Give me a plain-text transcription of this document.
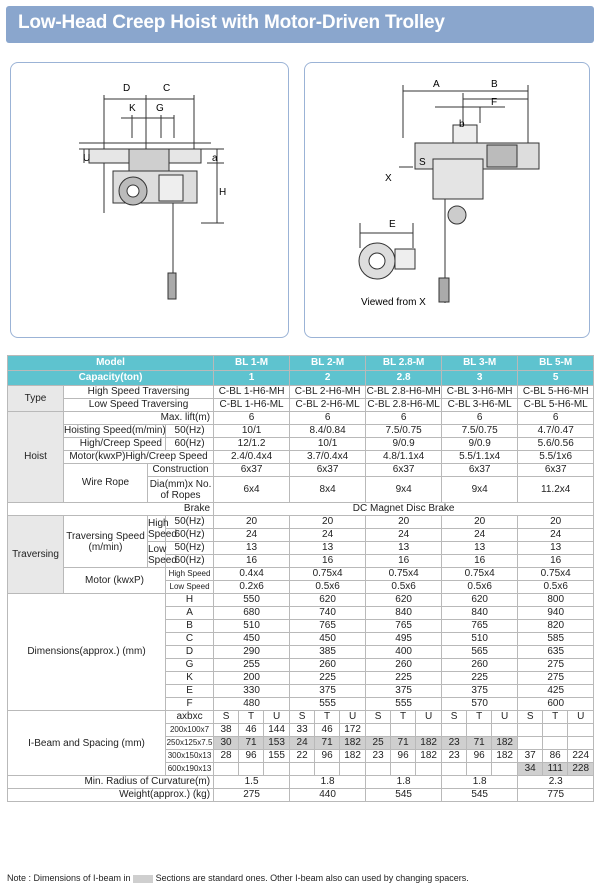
Low-Head Creep Hoist with Motor-Driven Trolley
D	C
K G
U	a
H
A	B
F
b
S
X
E
Viewed from X
Model				BL 1-M			BL 2-M			BL 2.8-M			BL 3-M			BL 5-M		
Capacity(ton)				1			2			2.8			3			5		
Type	High Speed Traversing			C-BL 1-H6-MH			C-BL 2-H6-MH			C-BL 2.8-H6-MH			C-BL 3-H6-MH			C-BL 5-H6-MH		
	Low Speed Traversing			C-BL 1-H6-ML			C-BL 2-H6-ML			C-BL 2.8-H6-ML			C-BL 3-H6-ML			C-BL 5-H6-ML		
Hoist	Max. lift(m)			6			6			6			6			6		
	Hoisting Speed(m/min)		50(Hz)	10/1			8.4/0.84			7.5/0.75			7.5/0.75			4.7/0.47		
	High/Creep Speed		60(Hz)	12/1.2			10/1			9/0.9			9/0.9			5.6/0.56		
	Motor(kwxP)High/Creep Speed			2.4/0.4x4			3.7/0.4x4			4.8/1.1x4			5.5/1.1x4			5.5/1x6		
	Wire Rope	Construction		6x37			6x37			6x37			6x37			6x37		
		Dia(mm)x No. of Ropes		6x4			8x4			9x4			9x4			11.2x4		

Brake				DC Magnet Disc Brake														
Traversing	Traversing Speed (m/min)	High Speed	50(Hz)	20			20			20			20			20		
			60(Hz)	24			24			24			24			24		
		Low Speed	50(Hz)	13			13			13			13			13		
			60(Hz)	16			16			16			16			16		
	Motor (kwxP)		High Speed	0.4x4			0.75x4			0.75x4			0.75x4			0.75x4		
			Low Speed	0.2x6			0.5x6			0.5x6			0.5x6			0.5x6		
Dimensions(approx.) (mm)			H	550			620			620			620			800		
			A	680			740			840			840			940		
			B	510			765			765			765			820		
			C	450			450			495			510			585		
			D	290			385			400			565			635		
			G	255			260			260			260			275		
			K	200			225			225			225			275		
			E	330			375			375			375			425		
			F	480			555			555			570			600		
I-Beam and Spacing (mm)			axbxc	S	T	U	S	T	U	S	T	U	S	T	U	S	T	U
			200x100x7	38	46	144	33	46	172									
			250x125x7.5	30	71	153	24	71	182	25	71	182	23	71	182			
			300x150x13	28	96	155	22	96	182	23	96	182	23	96	182	37	86	224
			600x190x13													34	111	228
Min. Radius of Curvature(m)				1.5			1.8			1.8			1.8			2.3		
Weight(approx.) (kg)				275			440			545			545			775		
Note : Dimensions of I-beam in	Sections are standard ones. Other I-beam also can used by changing spacers.
